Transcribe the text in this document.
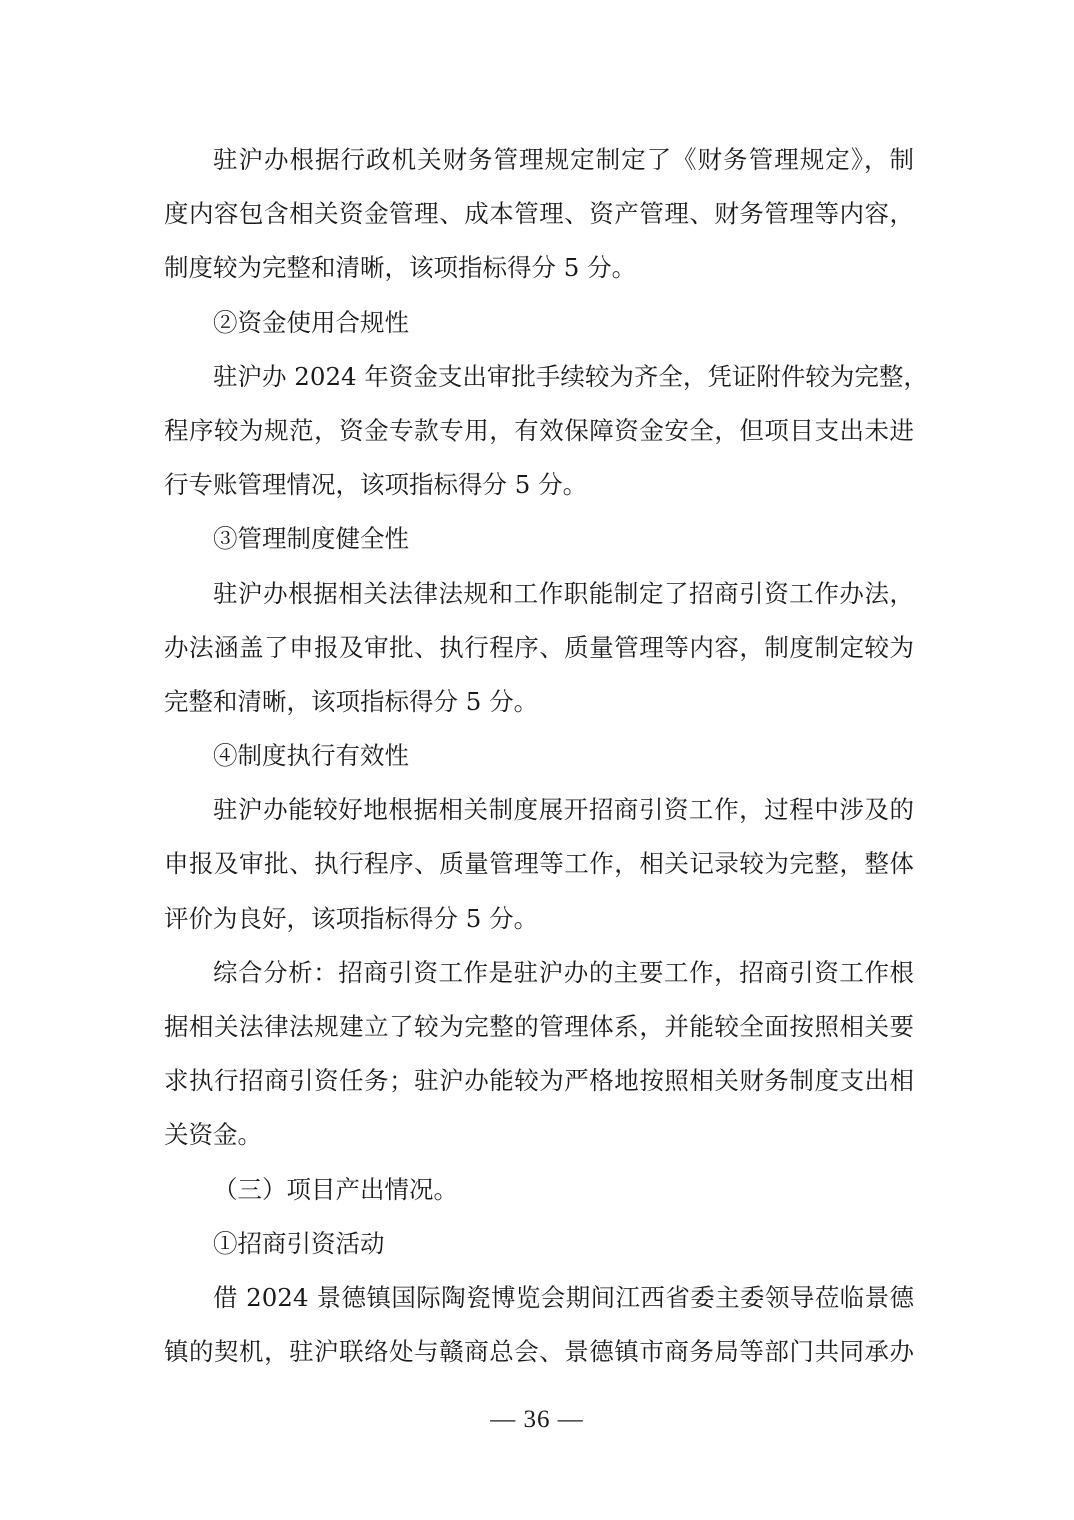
驻沪办根据行政机关财务管理规定制定了《财务管理规定》，制
度内容包含相关资金管理、成本管理、资产管理、财务管理等内容，
制度较为完整和清晰，该项指标得分 5 分。
②资金使用合规性
驻沪办 2024 年资金支出审批手续较为齐全，凭证附件较为完整，
程序较为规范，资金专款专用，有效保障资金安全，但项目支出未进
行专账管理情况，该项指标得分 5 分。
③管理制度健全性
驻沪办根据相关法律法规和工作职能制定了招商引资工作办法，
办法涵盖了申报及审批、执行程序、质量管理等内容，制度制定较为
完整和清晰，该项指标得分 5 分。
④制度执行有效性
驻沪办能较好地根据相关制度展开招商引资工作，过程中涉及的
申报及审批、执行程序、质量管理等工作，相关记录较为完整，整体
评价为良好，该项指标得分 5 分。
综合分析：招商引资工作是驻沪办的主要工作，招商引资工作根
据相关法律法规建立了较为完整的管理体系，并能较全面按照相关要
求执行招商引资任务；驻沪办能较为严格地按照相关财务制度支出相
关资金。
（三）项目产出情况。
①招商引资活动
借 2024 景德镇国际陶瓷博览会期间江西省委主委领导莅临景德
镇的契机，驻沪联络处与赣商总会、景德镇市商务局等部门共同承办
— 36 —
